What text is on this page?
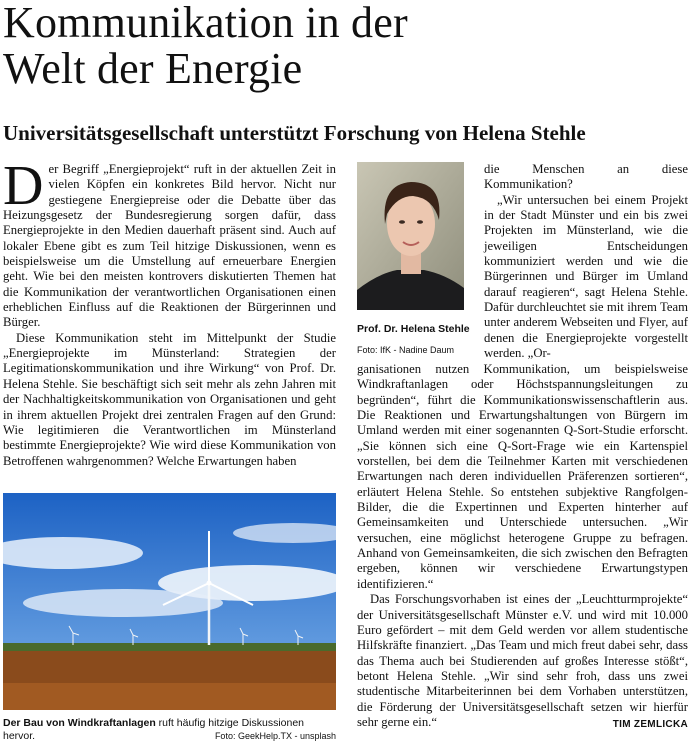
Kommunikation in der
Welt der Energie
Universitätsgesellschaft unterstützt Forschung von Helena Stehle

Der Begriff „Energieprojekt“ ruft in der aktuellen Zeit in vielen Köpfen ein konkretes Bild hervor. Nicht nur gestiegene Energiepreise oder die Debatte über das Heizungsgesetz der Bundesregierung sorgen dafür, dass Energieprojekte in den Medien dauerhaft präsent sind. Auch auf lokaler Ebene gibt es zum Teil hitzige Diskussionen, wenn es beispielsweise um die Umstellung auf erneuerbare Energien geht. Wie bei den meisten kontrovers diskutierten Themen hat die Kommunikation der verantwortlichen Organisationen einen erheblichen Einfluss auf die Reaktionen der Bürgerinnen und Bürger.

Diese Kommunikation steht im Mittelpunkt der Studie „Energieprojekte im Münsterland: Strategien der Legitimationskommunikation und ihre Wirkung“ von Prof. Dr. Helena Stehle. Sie beschäftigt sich seit mehr als zehn Jahren mit der Nachhaltigkeitskommunikation von Organisationen und geht in ihrem aktuellen Projekt drei zentralen Fragen auf den Grund: Wie legitimieren die Verantwortlichen im Münsterland bestimmte Energieprojekte? Wie wird diese Kommunikation von Betroffenen wahrgenommen? Welche Erwartungen haben

Prof. Dr. Helena Stehle
Foto: IfK - Nadine Daum

die Menschen an diese Kommunikation?

„Wir untersuchen bei einem Projekt in der Stadt Münster und ein bis zwei Projekten im Münsterland, wie die jeweiligen Entscheidungen kommuniziert werden und wie die Bürgerinnen und Bürger im Umland darauf reagieren“, sagt Helena Stehle. Dafür durchleuchtet sie mit ihrem Team unter anderem Webseiten und Flyer, auf denen die Energieprojekte vorgestellt werden. „Or-

ganisationen nutzen Kommunikation, um beispielsweise Windkraftanlagen oder Höchstspannungsleitungen zu begründen“, führt die Kommunikationswissenschaftlerin aus. Die Reaktionen und Erwartungshaltungen von Bürgern im Umland werden mit einer sogenannten Q-Sort-Studie erforscht. „Sie können sich eine Q-Sort-Frage wie ein Kartenspiel vorstellen, bei dem die Teilnehmer Karten mit verschiedenen Erwartungen nach deren individuellen Präferenzen sortieren“, erläutert Helena Stehle. So entstehen subjektive Rangfolgen-Bilder, die die Expertinnen und Experten hinterher auf Gemeinsamkeiten und Unterschiede untersuchen. „Wir versuchen, eine möglichst heterogene Gruppe zu befragen. Anhand von Gemeinsamkeiten, die sich zwischen den Befragten ergeben, können wir verschiedene Erwartungstypen identifizieren.“

Das Forschungsvorhaben ist eines der „Leuchtturmprojekte“ der Universitätsgesellschaft Münster e.V. und wird mit 10.000 Euro gefördert – mit dem Geld werden vor allem studentische Hilfskräfte finanziert. „Das Team und mich freut dabei sehr, dass das Thema auch bei Studierenden auf großes Interesse stößt“, betont Helena Stehle. „Wir sind sehr froh, dass uns zwei studentische Mitarbeiterinnen bei dem Vorhaben unterstützen, die Förderung der Universitätsgesellschaft setzen wir hierfür sehr gerne ein.“

Der Bau von Windkraftanlagen ruft häufig hitzige Diskussionen hervor.	Foto: GeekHelp.TX - unsplash
TIM ZEMLICKA
